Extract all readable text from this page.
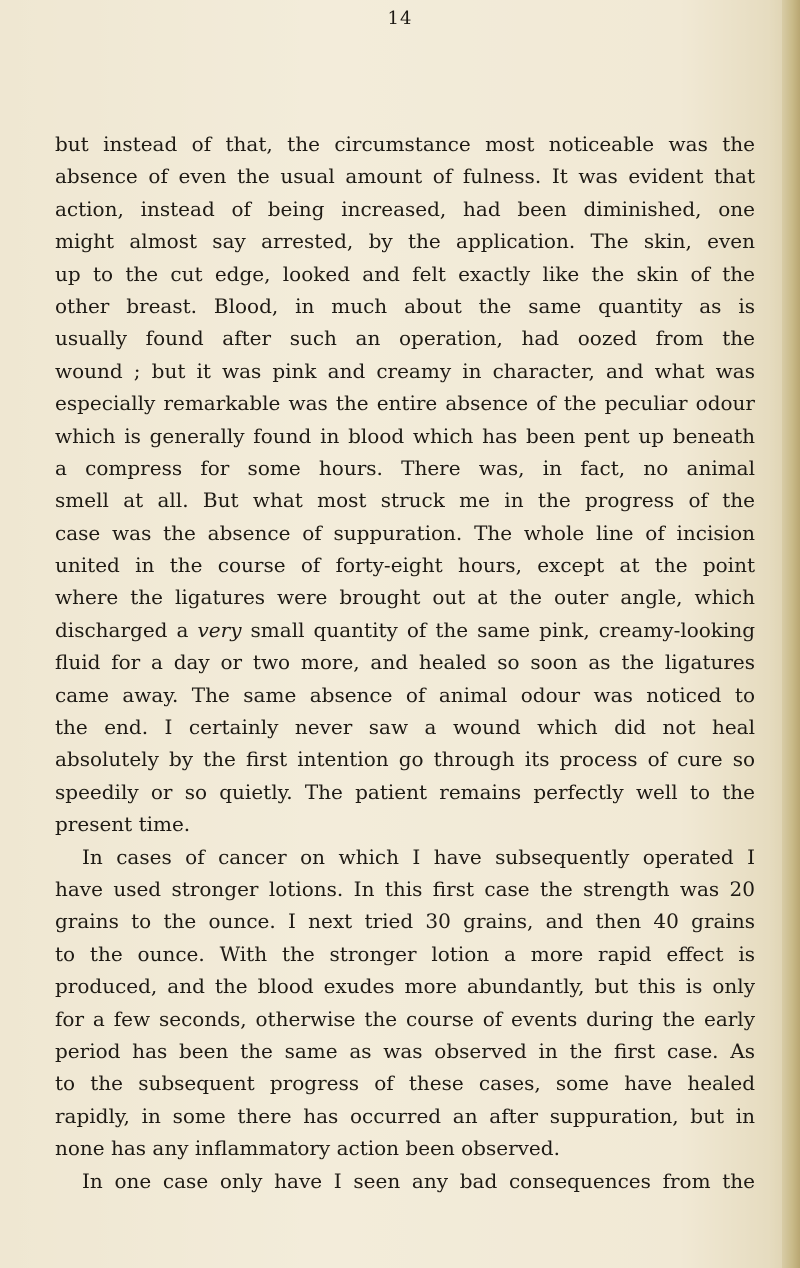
14
but instead of that, the circumstance most noticeable was the
absence of even the usual amount of fulness. It was evident that
action, instead of being increased, had been diminished, one
might almost say arrested, by the application. The skin, even
up to the cut edge, looked and felt exactly like the skin of the
other breast. Blood, in much about the same quantity as is
usually found after such an operation, had oozed from the
wound ; but it was pink and creamy in character, and what was
especially remarkable was the entire absence of the peculiar odour
which is generally found in blood which has been pent up beneath
a compress for some hours. There was, in fact, no animal
smell at all. But what most struck me in the progress of the
case was the absence of suppuration. The whole line of incision
united in the course of forty-eight hours, except at the point
where the ligatures were brought out at the outer angle, which
discharged a very small quantity of the same pink, creamy-looking
fluid for a day or two more, and healed so soon as the ligatures
came away. The same absence of animal odour was noticed to
the end. I certainly never saw a wound which did not heal
absolutely by the first intention go through its process of cure so
speedily or so quietly. The patient remains perfectly well to the
present time.
In cases of cancer on which I have subsequently operated I
have used stronger lotions. In this first case the strength was 20
grains to the ounce. I next tried 30 grains, and then 40 grains
to the ounce. With the stronger lotion a more rapid effect is
produced, and the blood exudes more abundantly, but this is only
for a few seconds, otherwise the course of events during the early
period has been the same as was observed in the first case. As
to the subsequent progress of these cases, some have healed
rapidly, in some there has occurred an after suppuration, but in
none has any inflammatory action been observed.
In one case only have I seen any bad consequences from the
